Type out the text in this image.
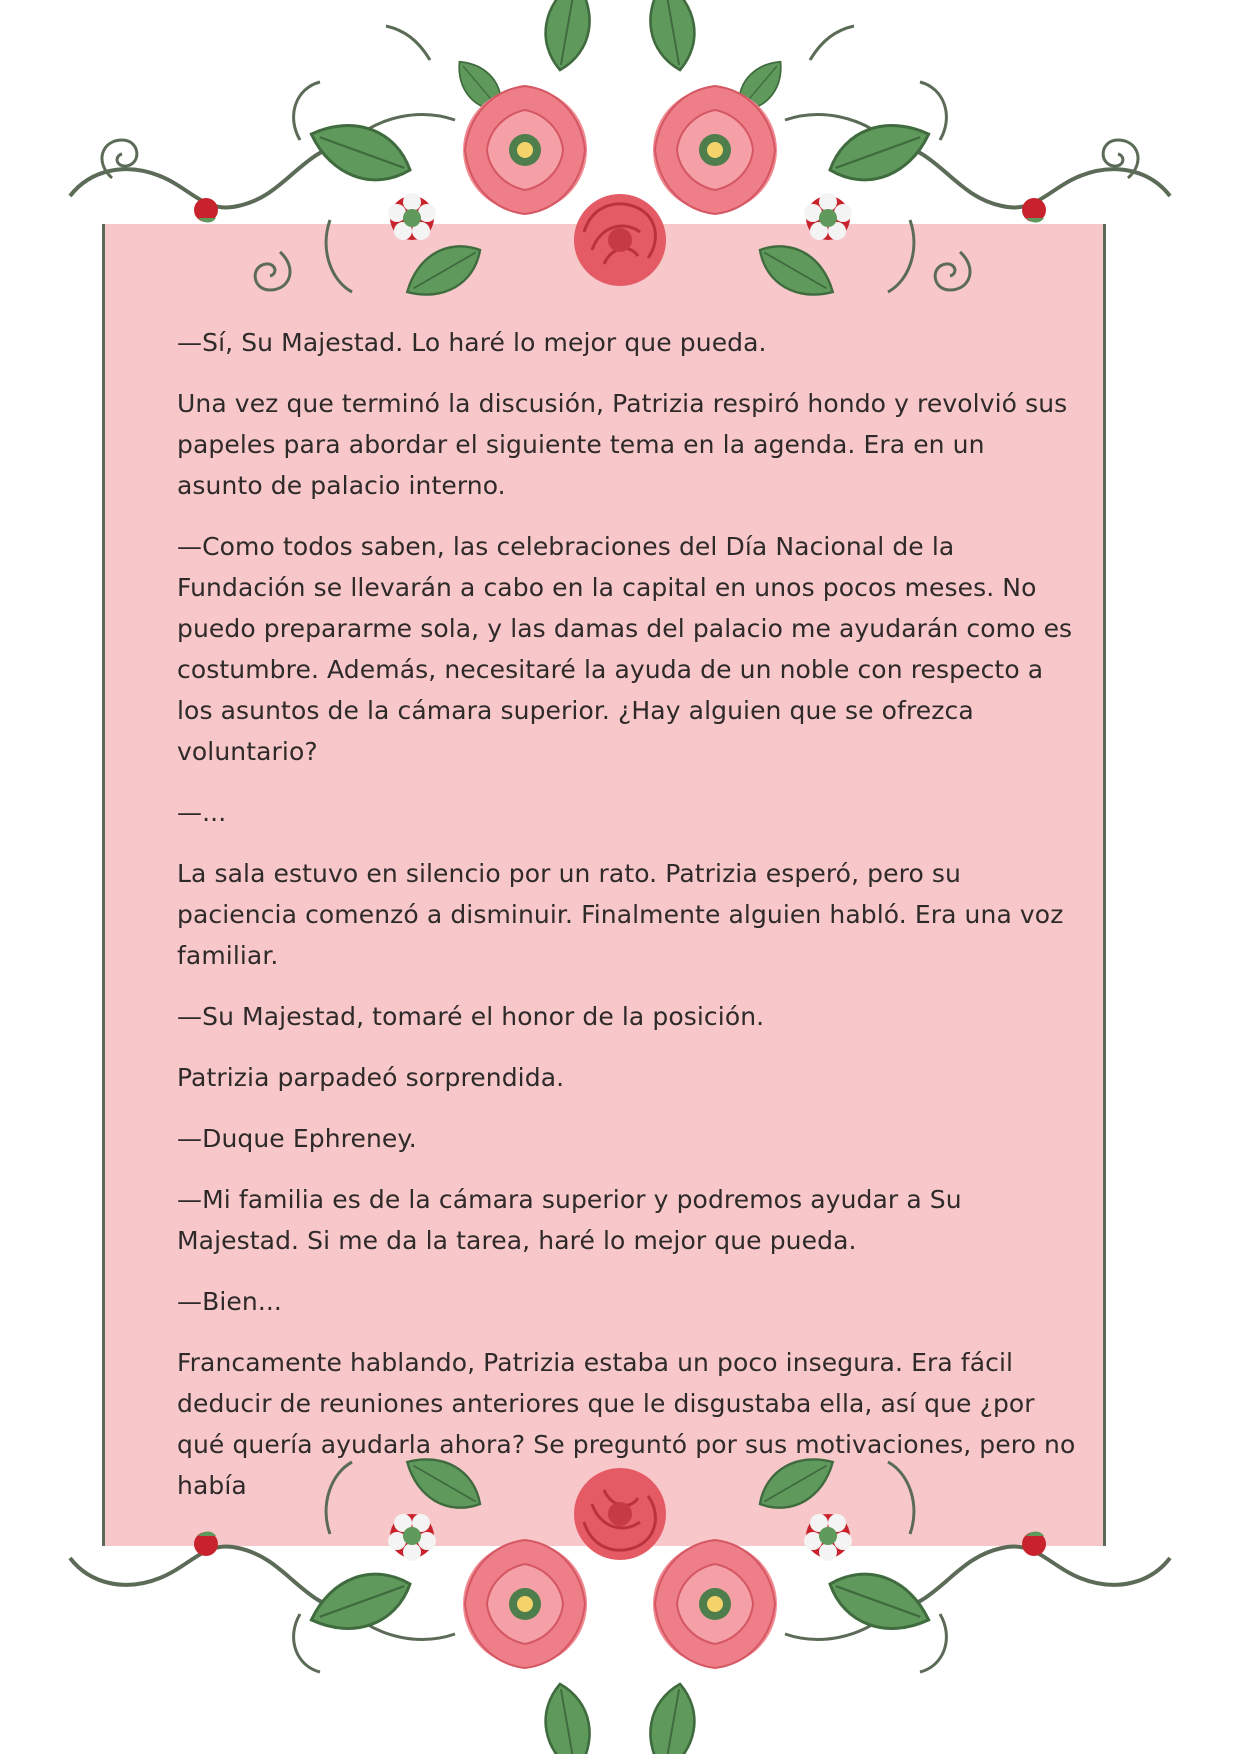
—Sí, Su Majestad. Lo haré lo mejor que pueda.

Una vez que terminó la discusión, Patrizia respiró hondo y revolvió sus papeles para abordar el siguiente tema en la agenda. Era en un asunto de palacio interno.

—Como todos saben, las celebraciones del Día Nacional de la Fundación se llevarán a cabo en la capital en unos pocos meses. No puedo prepararme sola, y las damas del palacio me ayudarán como es costumbre. Además, necesitaré la ayuda de un noble con respecto a los asuntos de la cámara superior. ¿Hay alguien que se ofrezca voluntario?

—...

La sala estuvo en silencio por un rato. Patrizia esperó, pero su paciencia comenzó a disminuir. Finalmente alguien habló. Era una voz familiar.

—Su Majestad, tomaré el honor de la posición.

Patrizia parpadeó sorprendida.

—Duque Ephreney.

—Mi familia es de la cámara superior y podremos ayudar a Su Majestad. Si me da la tarea, haré lo mejor que pueda.

—Bien...

Francamente hablando, Patrizia estaba un poco insegura. Era fácil deducir de reuniones anteriores que le disgustaba ella, así que ¿por qué quería ayudarla ahora? Se preguntó por sus motivaciones, pero no había
